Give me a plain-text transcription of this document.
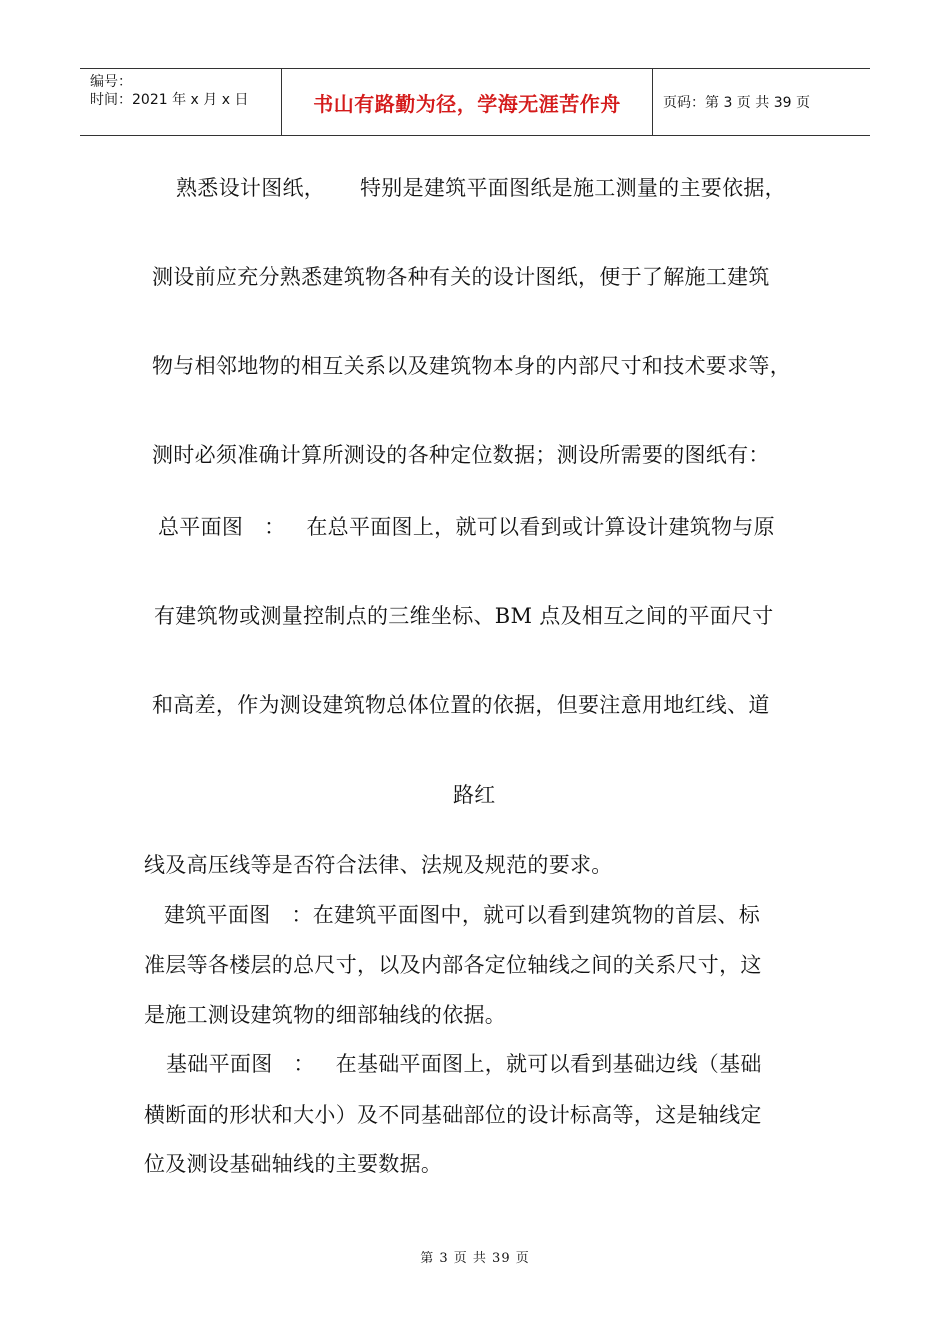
编号：
时间：2021 年 x 月 x 日	书山有路勤为径，学海无涯苦作舟	页码：第 3 页 共 39 页
熟悉设计图纸，     特别是建筑平面图纸是施工测量的主要依据，
测设前应充分熟悉建筑物各种有关的设计图纸，便于了解施工建筑
物与相邻地物的相互关系以及建筑物本身的内部尺寸和技术要求等，
测时必须准确计算所测设的各种定位数据；测设所需要的图纸有：
总平面图   ：   在总平面图上，就可以看到或计算设计建筑物与原
有建筑物或测量控制点的三维坐标、BM 点及相互之间的平面尺寸
和高差，作为测设建筑物总体位置的依据，但要注意用地红线、道
路红
线及高压线等是否符合法律、法规及规范的要求。
建筑平面图   ：在建筑平面图中，就可以看到建筑物的首层、标
准层等各楼层的总尺寸，以及内部各定位轴线之间的关系尺寸，这
是施工测设建筑物的细部轴线的依据。
基础平面图   ：   在基础平面图上，就可以看到基础边线（基础
横断面的形状和大小）及不同基础部位的设计标高等，这是轴线定
位及测设基础轴线的主要数据。
第 3 页 共 39 页
